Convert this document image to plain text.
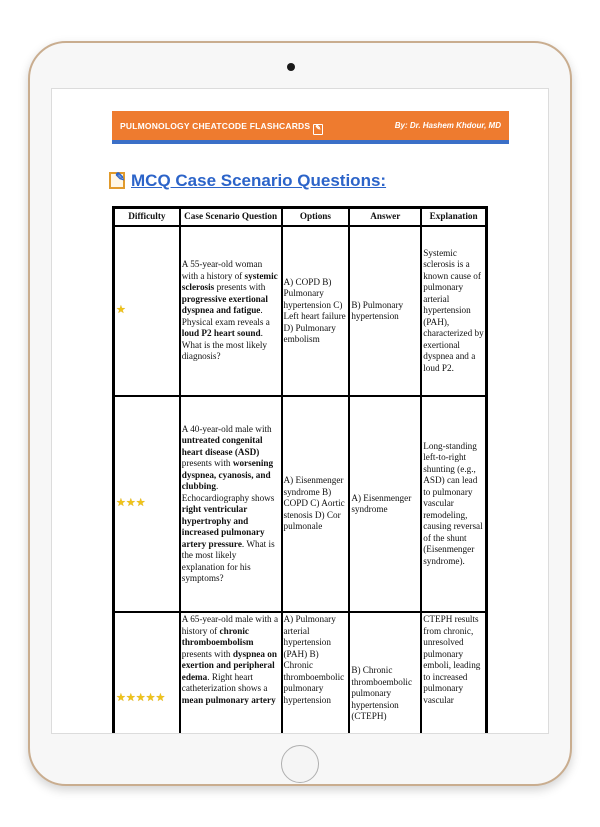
PULMONOLOGY CHEATCODE FLASHCARDS ✎	By: Dr. Hashem Khdour, MD
✎MCQ Case Scenario Questions:
Difficulty	Case Scenario Question	Options	Answer	Explanation
★	A 55-year-old woman with a history of systemic sclerosis presents with progressive exertional dyspnea and fatigue. Physical exam reveals a loud P2 heart sound. What is the most likely diagnosis?	A) COPD B) Pulmonary hypertension C) Left heart failure D) Pulmonary embolism	B) Pulmonary hypertension	Systemic sclerosis is a known cause of pulmonary arterial hypertension (PAH), characterized by exertional dyspnea and a loud P2.
★★★	A 40-year-old male with untreated congenital heart disease (ASD) presents with worsening dyspnea, cyanosis, and clubbing. Echocardiography shows right ventricular hypertrophy and increased pulmonary artery pressure. What is the most likely explanation for his symptoms?	A) Eisenmenger syndrome B) COPD C) Aortic stenosis D) Cor pulmonale	A) Eisenmenger syndrome	Long-standing left-to-right shunting (e.g., ASD) can lead to pulmonary vascular remodeling, causing reversal of the shunt (Eisenmenger syndrome).
★★★★★	A 65-year-old male with a history of chronic thromboembolism presents with dyspnea on exertion and peripheral edema. Right heart catheterization shows a mean pulmonary artery	A) Pulmonary arterial hypertension (PAH) B) Chronic thromboembolic pulmonary hypertension	B) Chronic thromboembolic pulmonary hypertension (CTEPH)	CTEPH results from chronic, unresolved pulmonary emboli, leading to increased pulmonary vascular
